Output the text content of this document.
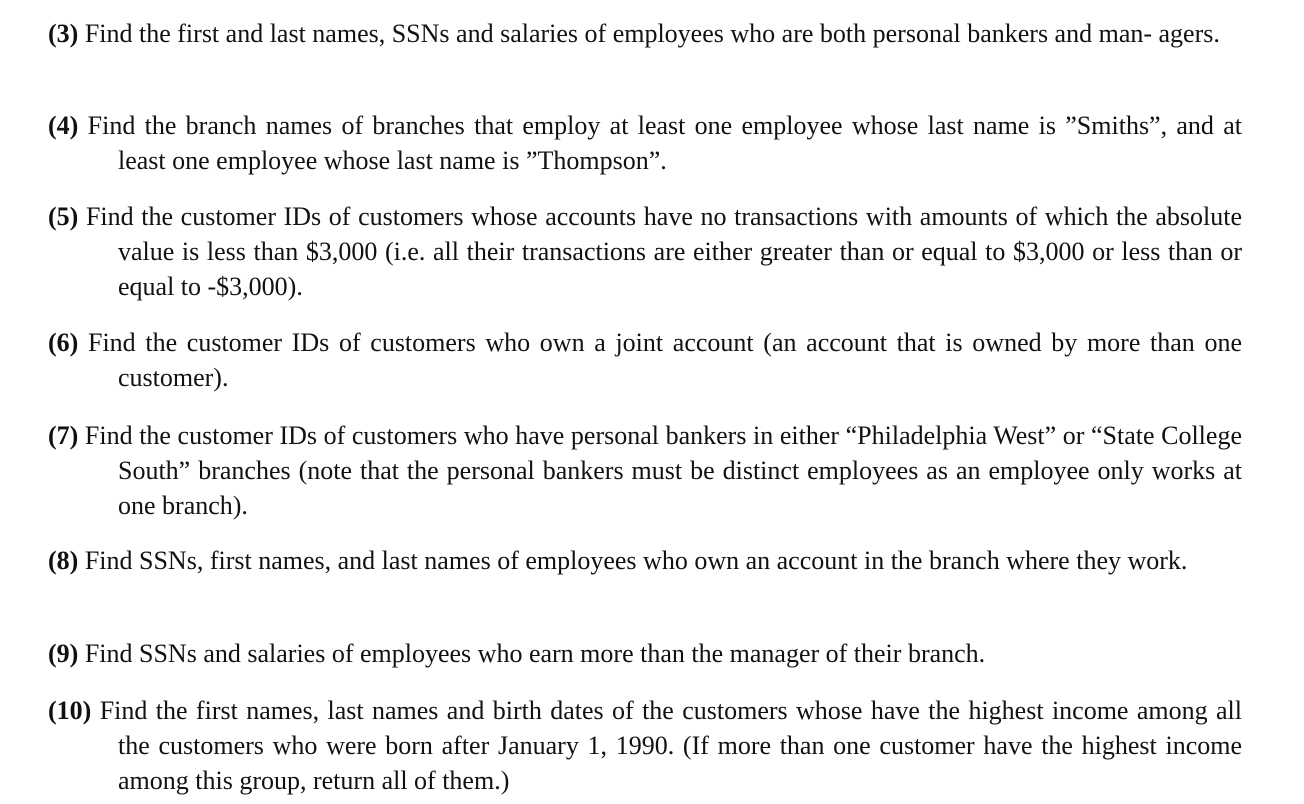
(3) Find the first and last names, SSNs and salaries of employees who are both personal bankers and man- agers.
(4) Find the branch names of branches that employ at least one employee whose last name is ”Smiths”, and at least one employee whose last name is ”Thompson”.
(5) Find the customer IDs of customers whose accounts have no transactions with amounts of which the absolute value is less than $3,000 (i.e. all their transactions are either greater than or equal to $3,000 or less than or equal to -$3,000).
(6) Find the customer IDs of customers who own a joint account (an account that is owned by more than one customer).
(7) Find the customer IDs of customers who have personal bankers in either “Philadelphia West” or “State College South” branches (note that the personal bankers must be distinct employees as an employee only works at one branch).
(8) Find SSNs, first names, and last names of employees who own an account in the branch where they work.
(9) Find SSNs and salaries of employees who earn more than the manager of their branch.
(10) Find the first names, last names and birth dates of the customers whose have the highest income among all the customers who were born after January 1, 1990. (If more than one customer have the highest income among this group, return all of them.)
